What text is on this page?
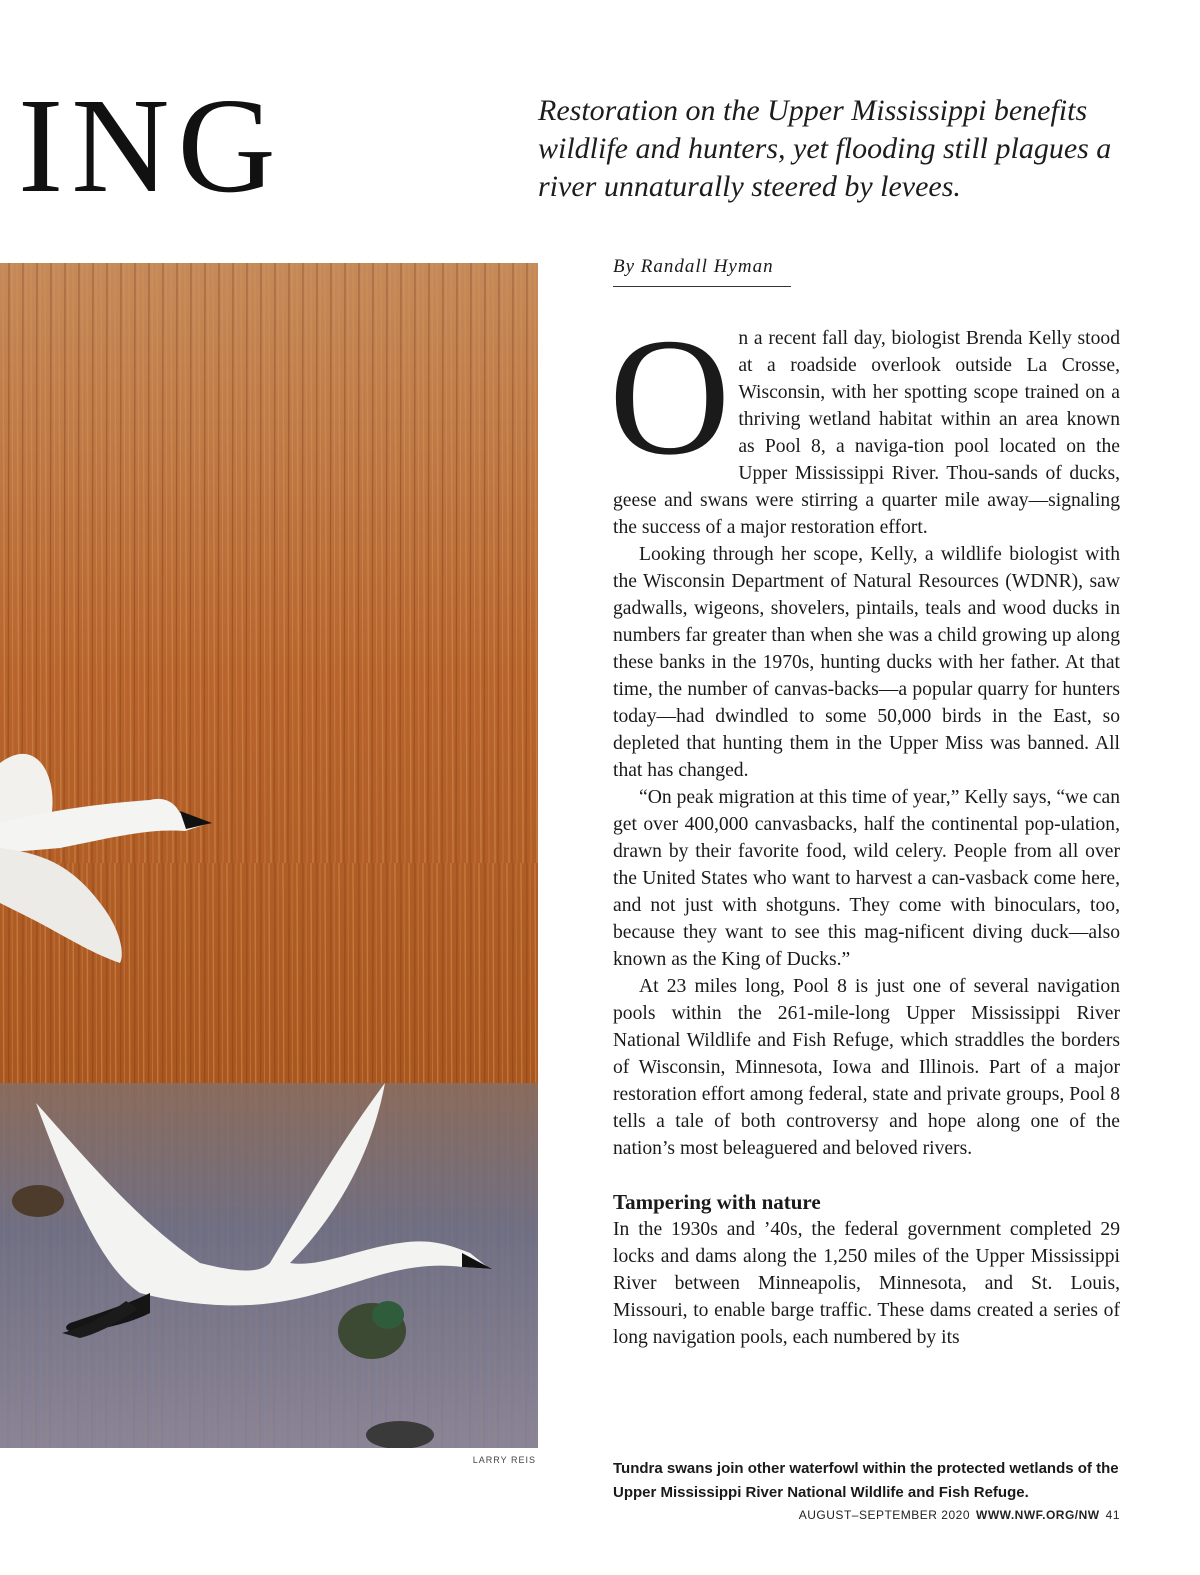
ING	Restoration on the Upper Mississippi benefits wildlife and hunters, yet flooding still plagues a river unnaturally steered by levees.
LARRY REIS
By Randall Hyman

On a recent fall day, biologist Brenda Kelly stood at a roadside overlook outside La Crosse, Wisconsin, with her spotting scope trained on a thriving wetland habitat within an area known as Pool 8, a naviga-tion pool located on the Upper Mississippi River. Thou-sands of ducks, geese and swans were stirring a quarter mile away—signaling the success of a major restoration effort.

Looking through her scope, Kelly, a wildlife biologist with the Wisconsin Department of Natural Resources (WDNR), saw gadwalls, wigeons, shovelers, pintails, teals and wood ducks in numbers far greater than when she was a child growing up along these banks in the 1970s, hunting ducks with her father. At that time, the number of canvas-backs—a popular quarry for hunters today—had dwindled to some 50,000 birds in the East, so depleted that hunting them in the Upper Miss was banned. All that has changed.

“On peak migration at this time of year,” Kelly says, “we can get over 400,000 canvasbacks, half the continental pop-ulation, drawn by their favorite food, wild celery. People from all over the United States who want to harvest a can-vasback come here, and not just with shotguns. They come with binoculars, too, because they want to see this mag-nificent diving duck—also known as the King of Ducks.”

At 23 miles long, Pool 8 is just one of several navigation pools within the 261-mile-long Upper Mississippi River National Wildlife and Fish Refuge, which straddles the borders of Wisconsin, Minnesota, Iowa and Illinois. Part of a major restoration effort among federal, state and private groups, Pool 8 tells a tale of both controversy and hope along one of the nation’s most beleaguered and beloved rivers.

Tampering with nature

In the 1930s and ’40s, the federal government completed 29 locks and dams along the 1,250 miles of the Upper Mississippi River between Minneapolis, Minnesota, and St. Louis, Missouri, to enable barge traffic. These dams created a series of long navigation pools, each numbered by its

Tundra swans join other waterfowl within the protected wetlands of the Upper Mississippi River National Wildlife and Fish Refuge.
AUGUST–SEPTEMBER 2020 WWW.NWF.ORG/NW 41
